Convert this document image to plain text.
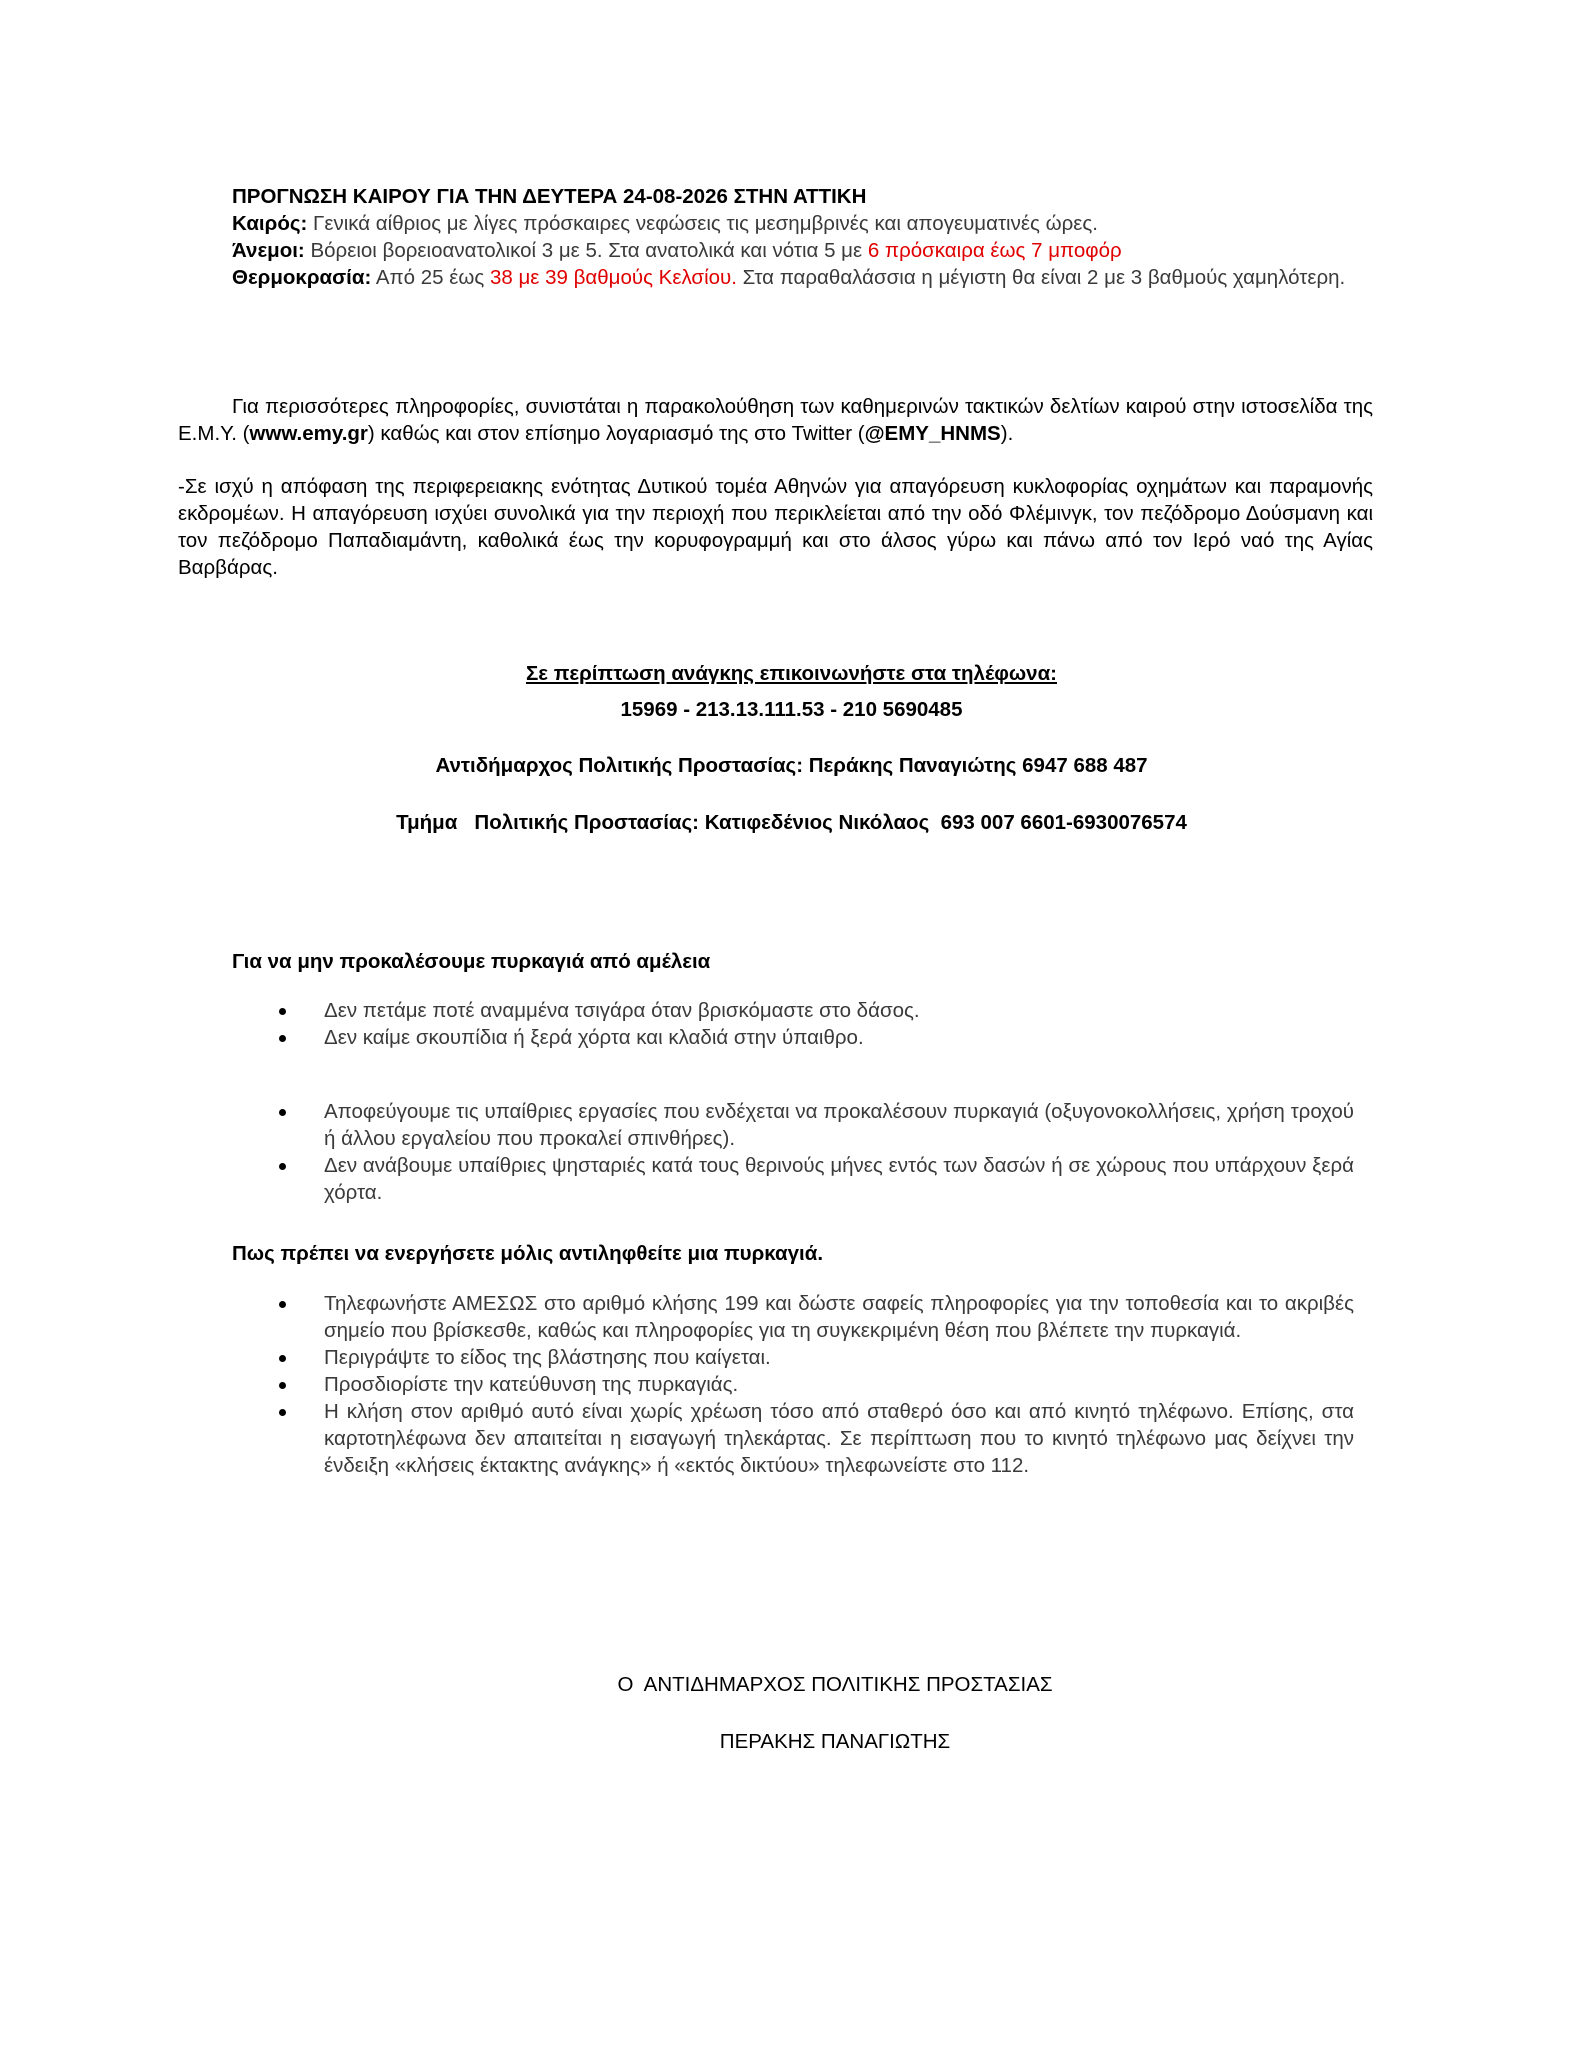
ΠΡΟΓΝΩΣΗ ΚΑΙΡΟΥ ΓΙΑ ΤΗΝ ΔΕΥΤΕΡΑ 24-08-2026 ΣΤΗΝ ΑΤΤΙΚΗ
Καιρός: Γενικά αίθριος με λίγες πρόσκαιρες νεφώσεις τις μεσημβρινές και απογευματινές ώρες.
Άνεμοι: Βόρειοι βορειοανατολικοί 3 με 5. Στα ανατολικά και νότια 5 με 6 πρόσκαιρα έως 7 μποφόρ
Θερμοκρασία: Από 25 έως 38 με 39 βαθμούς Κελσίου. Στα παραθαλάσσια η μέγιστη θα είναι 2 με 3 βαθμούς χαμηλότερη.
Για περισσότερες πληροφορίες, συνιστάται η παρακολούθηση των καθημερινών τακτικών δελτίων καιρού στην ιστοσελίδα της Ε.Μ.Υ. (www.emy.gr) καθώς και στον επίσημο λογαριασμό της στο Twitter (@EMY_HNMS).
-Σε ισχύ η απόφαση της περιφερειακης ενότητας Δυτικού τομέα Αθηνών για απαγόρευση κυκλοφορίας οχημάτων και παραμονής εκδρομέων. Η απαγόρευση ισχύει συνολικά για την περιοχή που περικλείεται από την οδό Φλέμινγκ, τον πεζόδρομο Δούσμανη και τον πεζόδρομο Παπαδιαμάντη, καθολικά έως την κορυφογραμμή και στο άλσος γύρω και πάνω από τον Ιερό ναό της Αγίας Βαρβάρας.
Σε περίπτωση ανάγκης επικοινωνήστε στα τηλέφωνα:
15969 - 213.13.111.53 - 210 5690485
Αντιδήμαρχος Πολιτικής Προστασίας: Περάκης Παναγιώτης 6947 688 487
Τμήμα   Πολιτικής Προστασίας: Κατιφεδένιος Νικόλαος  693 007 6601-6930076574
Για να μην προκαλέσουμε πυρκαγιά από αμέλεια
Δεν πετάμε ποτέ αναμμένα τσιγάρα όταν βρισκόμαστε στο δάσος.
Δεν καίμε σκουπίδια ή ξερά χόρτα και κλαδιά στην ύπαιθρο.
Αποφεύγουμε τις υπαίθριες εργασίες που ενδέχεται να προκαλέσουν πυρκαγιά (οξυγονοκολλήσεις, χρήση τροχού ή άλλου εργαλείου που προκαλεί σπινθήρες).
Δεν ανάβουμε υπαίθριες ψησταριές κατά τους θερινούς μήνες εντός των δασών ή σε χώρους που υπάρχουν ξερά χόρτα.
Πως πρέπει να ενεργήσετε μόλις αντιληφθείτε μια πυρκαγιά.
Τηλεφωνήστε ΑΜΕΣΩΣ στο αριθμό κλήσης 199 και δώστε σαφείς πληροφορίες για την τοποθεσία και το ακριβές σημείο που βρίσκεσθε, καθώς και πληροφορίες για τη συγκεκριμένη θέση που βλέπετε την πυρκαγιά.
Περιγράψτε το είδος της βλάστησης που καίγεται.
Προσδιορίστε την κατεύθυνση της πυρκαγιάς.
Η κλήση στον αριθμό αυτό είναι χωρίς χρέωση τόσο από σταθερό όσο και από κινητό τηλέφωνο. Επίσης, στα καρτοτηλέφωνα δεν απαιτείται η εισαγωγή τηλεκάρτας. Σε περίπτωση που το κινητό τηλέφωνο μας δείχνει την ένδειξη «κλήσεις έκτακτης ανάγκης» ή «εκτός δικτύου» τηλεφωνείστε στο 112.
Ο  ΑΝΤΙΔΗΜΑΡΧΟΣ ΠΟΛΙΤΙΚΗΣ ΠΡΟΣΤΑΣΙΑΣ
ΠΕΡΑΚΗΣ ΠΑΝΑΓΙΩΤΗΣ
